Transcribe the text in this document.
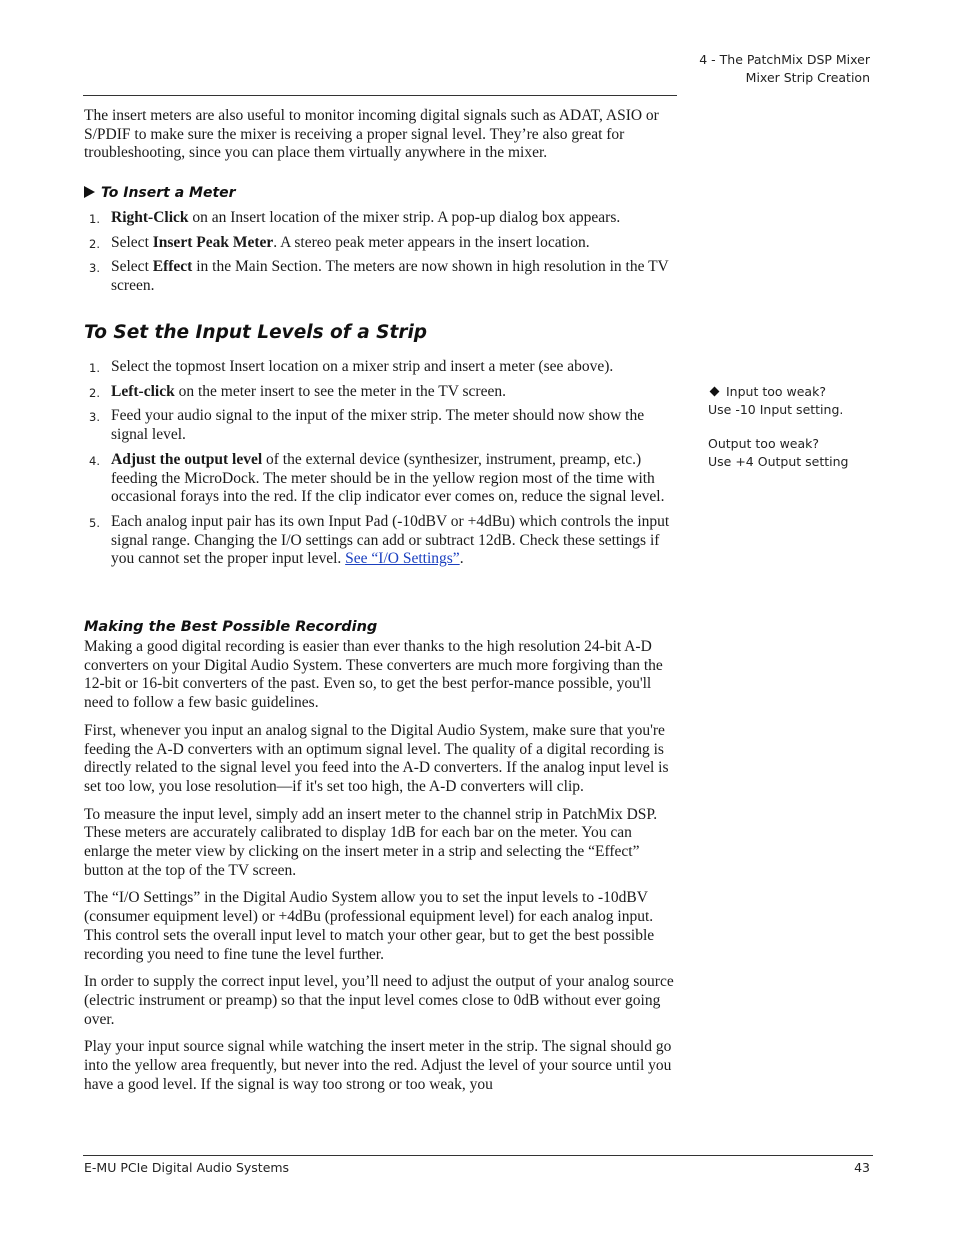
4 - The PatchMix DSP Mixer
Mixer Strip Creation

The insert meters are also useful to monitor incoming digital signals such as ADAT, ASIO or S/PDIF to make sure the mixer is receiving a proper signal level. They’re also great for troubleshooting, since you can place them virtually anywhere in the mixer.

To Insert a Meter
1. Right-Click on an Insert location of the mixer strip. A pop-up dialog box appears.
2. Select Insert Peak Meter. A stereo peak meter appears in the insert location.
3. Select Effect in the Main Section. The meters are now shown in high resolution in the TV screen.
To Set the Input Levels of a Strip
1. Select the topmost Insert location on a mixer strip and insert a meter (see above).
2. Left-click on the meter insert to see the meter in the TV screen.
3. Feed your audio signal to the input of the mixer strip. The meter should now show the signal level.
4. Adjust the output level of the external device (synthesizer, instrument, preamp, etc.) feeding the MicroDock. The meter should be in the yellow region most of the time with occasional forays into the red. If the clip indicator ever comes on, reduce the signal level.
5. Each analog input pair has its own Input Pad (-10dBV or +4dBu) which controls the input signal range. Changing the I/O settings can add or subtract 12dB. Check these settings if you cannot set the proper input level. See “I/O Settings”.
Input too weak?
Use -10 Input setting.
Output too weak?
Use +4 Output setting
Making the Best Possible Recording

Making a good digital recording is easier than ever thanks to the high resolution 24-bit A-D converters on your Digital Audio System. These converters are much more forgiving than the 12-bit or 16-bit converters of the past. Even so, to get the best perfor-mance possible, you'll need to follow a few basic guidelines.

First, whenever you input an analog signal to the Digital Audio System, make sure that you're feeding the A-D converters with an optimum signal level. The quality of a digital recording is directly related to the signal level you feed into the A-D converters. If the analog input level is set too low, you lose resolution—if it's set too high, the A-D converters will clip.

To measure the input level, simply add an insert meter to the channel strip in PatchMix DSP. These meters are accurately calibrated to display 1dB for each bar on the meter. You can enlarge the meter view by clicking on the insert meter in a strip and selecting the “Effect” button at the top of the TV screen.

The “I/O Settings” in the Digital Audio System allow you to set the input levels to -10dBV (consumer equipment level) or +4dBu (professional equipment level) for each analog input. This control sets the overall input level to match your other gear, but to get the best possible recording you need to fine tune the level further.

In order to supply the correct input level, you’ll need to adjust the output of your analog source (electric instrument or preamp) so that the input level comes close to 0dB without ever going over.

Play your input source signal while watching the insert meter in the strip. The signal should go into the yellow area frequently, but never into the red. Adjust the level of your source until you have a good level. If the signal is way too strong or too weak, you

E-MU PCIe Digital Audio Systems	43
